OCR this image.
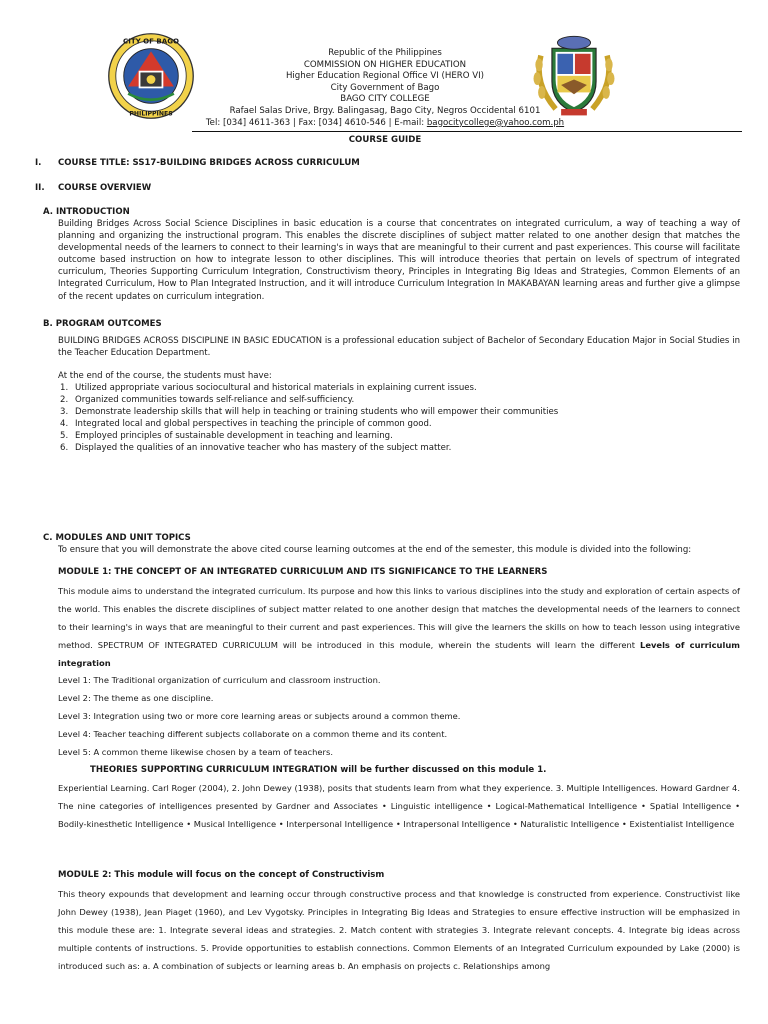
CITY OF BAGO
PHILIPPINES
Republic of the Philippines
COMMISSION ON HIGHER EDUCATION
Higher Education Regional Office VI (HERO VI)
City Government of Bago
BAGO CITY COLLEGE
Rafael Salas Drive, Brgy. Balingasag, Bago City, Negros Occidental 6101
Tel: [034] 4611-363 | Fax: [034] 4610-546 | E-mail: bagocitycollege@yahoo.com.ph
COURSE GUIDE
I. COURSE TITLE: SS17-BUILDING BRIDGES ACROSS CURRICULUM
II. COURSE OVERVIEW
A. INTRODUCTION
Building Bridges Across Social Science Disciplines in basic education is a course that concentrates on integrated curriculum, a way of teaching a way of planning and organizing the instructional program. This enables the discrete disciplines of subject matter related to one another design that matches the developmental needs of the learners to connect to their learning's in ways that are meaningful to their current and past experiences. This course will facilitate outcome based instruction on how to integrate lesson to other disciplines. This will introduce theories that pertain on levels of spectrum of integrated curriculum, Theories Supporting Curriculum Integration, Constructivism theory, Principles in Integrating Big Ideas and Strategies, Common Elements of an Integrated Curriculum, How to Plan Integrated Instruction, and it will introduce Curriculum Integration In MAKABAYAN learning areas and further give a glimpse of the recent updates on curriculum integration.
B. PROGRAM OUTCOMES
BUILDING BRIDGES ACROSS DISCIPLINE IN BASIC EDUCATION is a professional education subject of Bachelor of Secondary Education Major in Social Studies in the Teacher Education Department.
At the end of the course, the students must have:
1. Utilized appropriate various sociocultural and historical materials in explaining current issues.
2. Organized communities towards self-reliance and self-sufficiency.
3. Demonstrate leadership skills that will help in teaching or training students who will empower their communities
4. Integrated local and global perspectives in teaching the principle of common good.
5. Employed principles of sustainable development in teaching and learning.
6. Displayed the qualities of an innovative teacher who has mastery of the subject matter.
C. MODULES AND UNIT TOPICS
To ensure that you will demonstrate the above cited course learning outcomes at the end of the semester, this module is divided into the following:
MODULE 1: THE CONCEPT OF AN INTEGRATED CURRICULUM AND ITS SIGNIFICANCE TO THE LEARNERS
This module aims to understand the integrated curriculum. Its purpose and how this links to various disciplines into the study and exploration of certain aspects of the world. This enables the discrete disciplines of subject matter related to one another design that matches the developmental needs of the learners to connect to their learning's in ways that are meaningful to their current and past experiences. This will give the learners the skills on how to teach lesson using integrative method. SPECTRUM OF INTEGRATED CURRICULUM will be introduced in this module, wherein the students will learn the different Levels of curriculum integration
Level 1: The Traditional organization of curriculum and classroom instruction.
Level 2: The theme as one discipline.
Level 3: Integration using two or more core learning areas or subjects around a common theme.
Level 4: Teacher teaching different subjects collaborate on a common theme and its content.
Level 5: A common theme likewise chosen by a team of teachers.
THEORIES SUPPORTING CURRICULUM INTEGRATION will be further discussed on this module 1.
Experiential Learning. Carl Roger (2004), 2. John Dewey (1938), posits that students learn from what they experience. 3. Multiple Intelligences. Howard Gardner 4. The nine categories of intelligences presented by Gardner and Associates • Linguistic intelligence • Logical-Mathematical Intelligence • Spatial Intelligence • Bodily-kinesthetic Intelligence • Musical Intelligence • Interpersonal Intelligence • Intrapersonal Intelligence • Naturalistic Intelligence • Existentialist Intelligence
MODULE 2: This module will focus on the concept of Constructivism
This theory expounds that development and learning occur through constructive process and that knowledge is constructed from experience. Constructivist like John Dewey (1938), Jean Piaget (1960), and Lev Vygotsky. Principles in Integrating Big Ideas and Strategies to ensure effective instruction will be emphasized in this module these are: 1. Integrate several ideas and strategies. 2. Match content with strategies 3. Integrate relevant concepts. 4. Integrate big ideas across multiple contents of instructions. 5. Provide opportunities to establish connections. Common Elements of an Integrated Curriculum expounded by Lake (2000) is introduced such as: a. A combination of subjects or learning areas b. An emphasis on projects c. Relationships among
